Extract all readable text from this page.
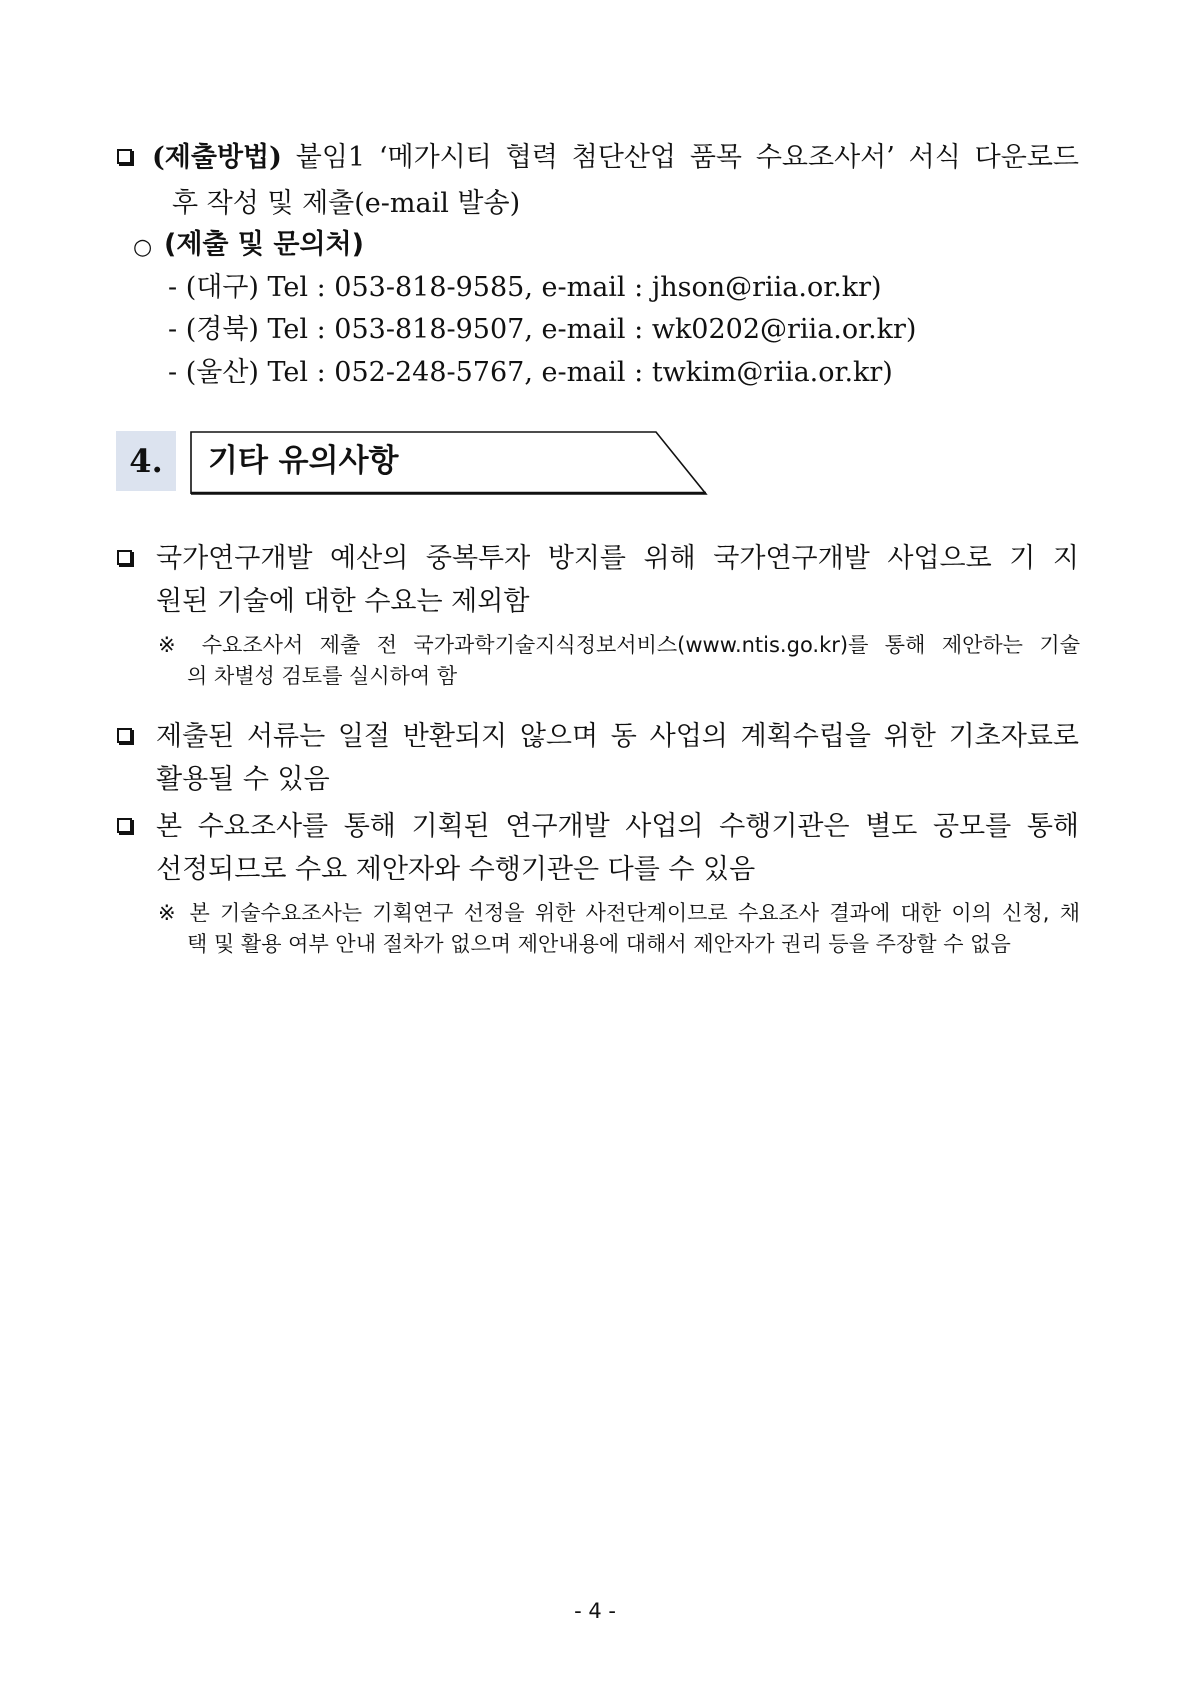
(제출방법) 붙임1 ‘메가시티 협력 첨단산업 품목 수요조사서’ 서식 다운로드
후 작성 및 제출(e-mail 발송)
○ (제출 및 문의처)
- (대구) Tel : 053-818-9585, e-mail : jhson@riia.or.kr)
- (경북) Tel : 053-818-9507, e-mail : wk0202@riia.or.kr)
- (울산) Tel : 052-248-5767, e-mail : twkim@riia.or.kr)
4.	기타 유의사항
국가연구개발 예산의 중복투자 방지를 위해 국가연구개발 사업으로 기 지
원된 기술에 대한 수요는 제외함
※ 수요조사서 제출 전 국가과학기술지식정보서비스(www.ntis.go.kr)를 통해 제안하는 기술
의 차별성 검토를 실시하여 함
제출된 서류는 일절 반환되지 않으며 동 사업의 계획수립을 위한 기초자료로
활용될 수 있음
본 수요조사를 통해 기획된 연구개발 사업의 수행기관은 별도 공모를 통해
선정되므로 수요 제안자와 수행기관은 다를 수 있음
※ 본 기술수요조사는 기획연구 선정을 위한 사전단계이므로 수요조사 결과에 대한 이의 신청, 채
택 및 활용 여부 안내 절차가 없으며 제안내용에 대해서 제안자가 권리 등을 주장할 수 없음
- 4 -
